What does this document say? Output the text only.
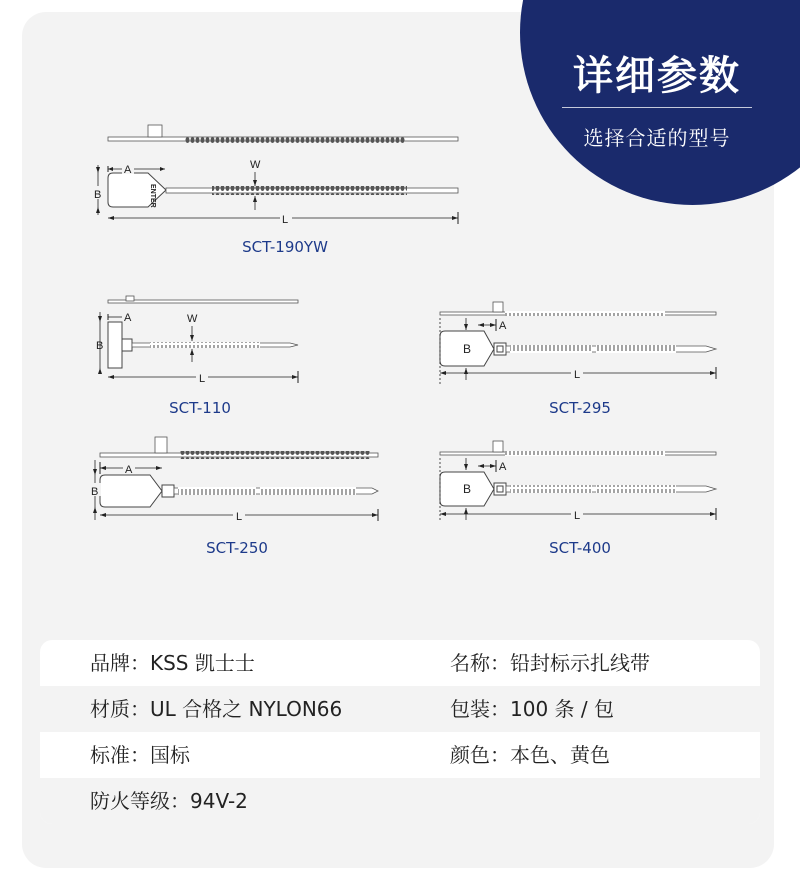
详细参数
选择合适的型号
ENTER
A
B
W
L
A
B
W
L
B
A
L
A
B
L
B
A
L
SCT-190YW
SCT-110	SCT-295
SCT-250	SCT-400
品牌：KSS 凯士士	名称：铅封标示扎线带
材质：UL 合格之 NYLON66	包装：100 条 / 包
标准：国标	颜色：本色、黄色
防火等级：94V-2
